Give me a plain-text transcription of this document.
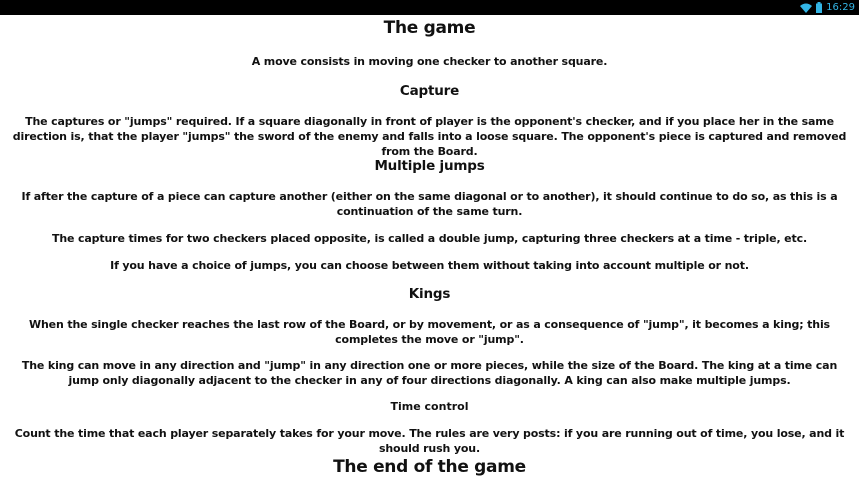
16:29
The game
A move consists in moving one checker to another square.
Capture
The captures or "jumps" required. If a square diagonally in front of player is the opponent's checker, and if you place her in the same direction is, that the player "jumps" the sword of the enemy and falls into a loose square. The opponent's piece is captured and removed from the Board.
Multiple jumps
If after the capture of a piece can capture another (either on the same diagonal or to another), it should continue to do so, as this is a continuation of the same turn.
The capture times for two checkers placed opposite, is called a double jump, capturing three checkers at a time - triple, etc.
If you have a choice of jumps, you can choose between them without taking into account multiple or not.
Kings
When the single checker reaches the last row of the Board, or by movement, or as a consequence of "jump", it becomes a king; this completes the move or "jump".
The king can move in any direction and "jump" in any direction one or more pieces, while the size of the Board. The king at a time can jump only diagonally adjacent to the checker in any of four directions diagonally. A king can also make multiple jumps.
Time control
Count the time that each player separately takes for your move. The rules are very posts: if you are running out of time, you lose, and it should rush you.
The end of the game
